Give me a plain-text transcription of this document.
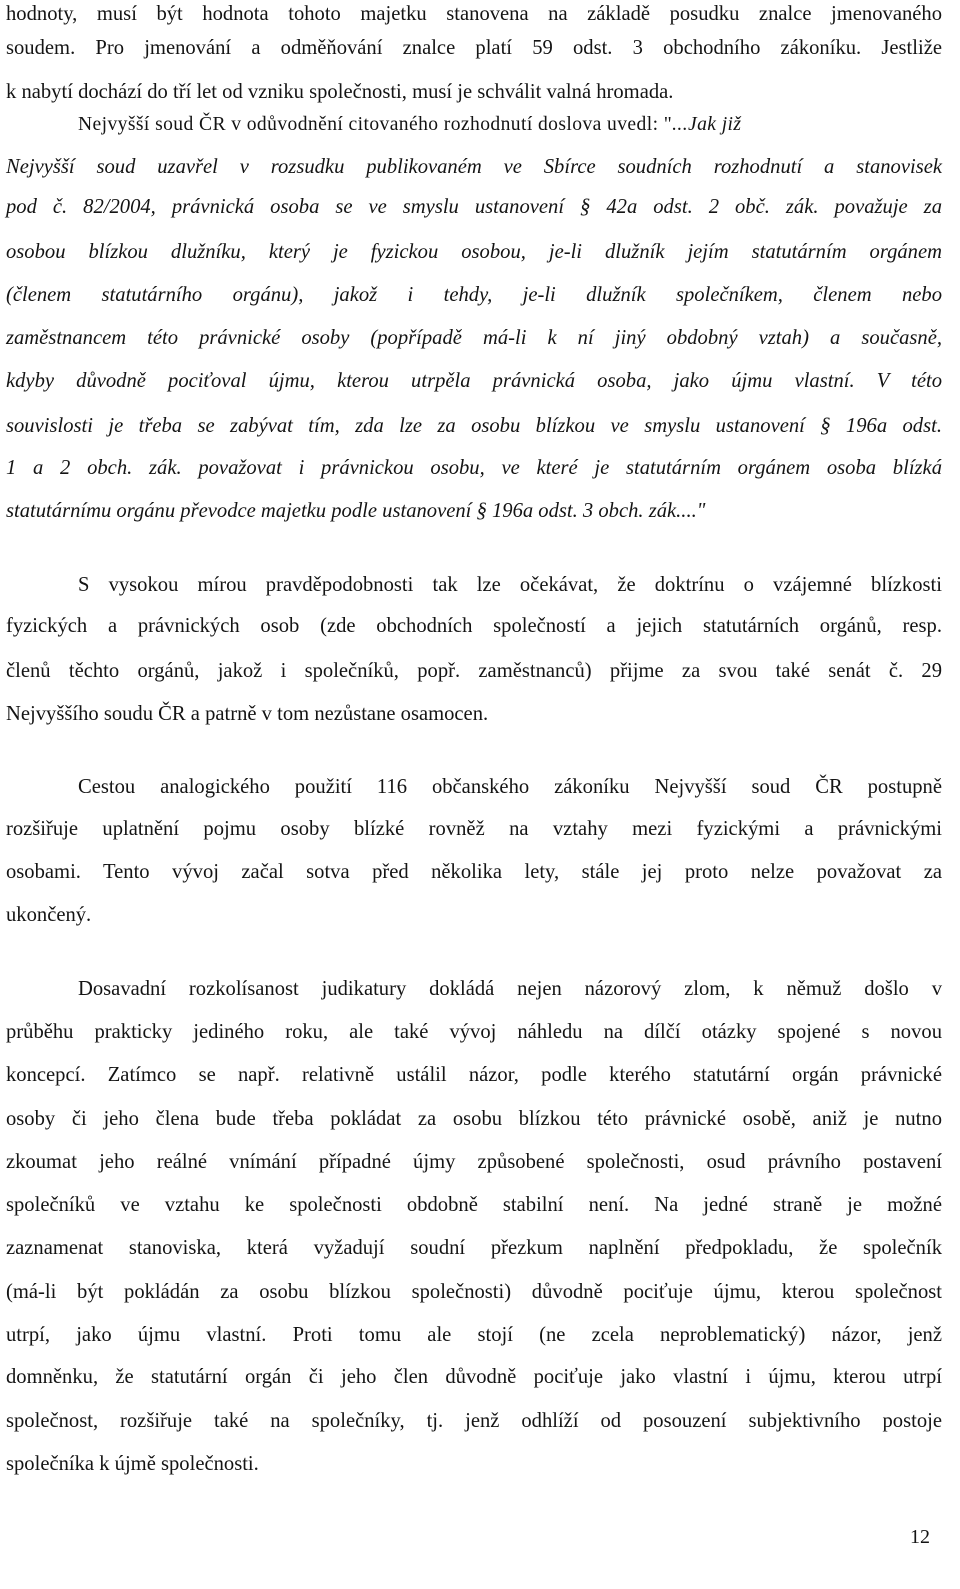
hodnoty, musí být hodnota tohoto majetku stanovena na základě posudku znalce jmenovaného
soudem. Pro jmenování a odměňování znalce platí 59 odst. 3 obchodního zákoníku. Jestliže
k nabytí dochází do tří let od vzniku společnosti, musí je schválit valná hromada.
Nejvyšší soud ČR v odůvodnění citovaného rozhodnutí doslova uvedl: "...Jak již
Nejvyšší soud uzavřel v rozsudku publikovaném ve Sbírce soudních rozhodnutí a stanovisek
pod č. 82/2004, právnická osoba se ve smyslu ustanovení § 42a odst. 2 obč. zák. považuje za
osobou blízkou dlužníku, který je fyzickou osobou, je-li dlužník jejím statutárním orgánem
(členem statutárního orgánu), jakož i tehdy, je-li dlužník společníkem, členem nebo
zaměstnancem této právnické osoby (popřípadě má-li k ní jiný obdobný vztah) a současně,
kdyby důvodně pociťoval újmu, kterou utrpěla právnická osoba, jako újmu vlastní. V této
souvislosti je třeba se zabývat tím, zda lze za osobu blízkou ve smyslu ustanovení § 196a odst.
1 a 2 obch. zák. považovat i právnickou osobu, ve které je statutárním orgánem osoba blízká
statutárnímu orgánu převodce majetku podle ustanovení § 196a odst. 3 obch. zák...."
S vysokou mírou pravděpodobnosti tak lze očekávat, že doktrínu o vzájemné blízkosti
fyzických a právnických osob (zde obchodních společností a jejich statutárních orgánů, resp.
členů těchto orgánů, jakož i společníků, popř. zaměstnanců) přijme za svou také senát č. 29
Nejvyššího soudu ČR a patrně v tom nezůstane osamocen.
Cestou analogického použití 116 občanského zákoníku Nejvyšší soud ČR postupně
rozšiřuje uplatnění pojmu osoby blízké rovněž na vztahy mezi fyzickými a právnickými
osobami. Tento vývoj začal sotva před několika lety, stále jej proto nelze považovat za
ukončený.
Dosavadní rozkolísanost judikatury dokládá nejen názorový zlom, k němuž došlo v
průběhu prakticky jediného roku, ale také vývoj náhledu na dílčí otázky spojené s novou
koncepcí. Zatímco se např. relativně ustálil názor, podle kterého statutární orgán právnické
osoby či jeho člena bude třeba pokládat za osobu blízkou této právnické osobě, aniž je nutno
zkoumat jeho reálné vnímání případné újmy způsobené společnosti, osud právního postavení
společníků ve vztahu ke společnosti obdobně stabilní není. Na jedné straně je možné
zaznamenat stanoviska, která vyžadují soudní přezkum naplnění předpokladu, že společník
(má-li být pokládán za osobu blízkou společnosti) důvodně pociťuje újmu, kterou společnost
utrpí, jako újmu vlastní. Proti tomu ale stojí (ne zcela neproblematický) názor, jenž
domněnku, že statutární orgán či jeho člen důvodně pociťuje jako vlastní i újmu, kterou utrpí
společnost, rozšiřuje také na společníky, tj. jenž odhlíží od posouzení subjektivního postoje
společníka k újmě společnosti.
12
